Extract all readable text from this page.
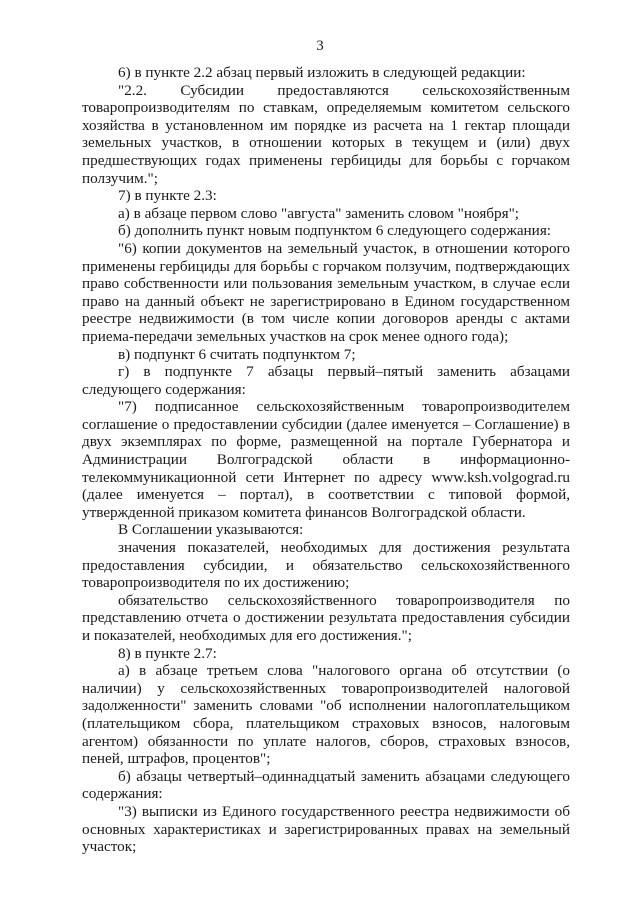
3

6) в пункте 2.2 абзац первый изложить в следующей редакции:

"2.2. Субсидии предоставляются сельскохозяйственным товаропроизводителям по ставкам, определяемым комитетом сельского хозяйства в установленном им порядке из расчета на 1 гектар площади земельных участков, в отношении которых в текущем и (или) двух предшествующих годах применены гербициды для борьбы с горчаком ползучим.";

7) в пункте 2.3:

а) в абзаце первом слово "августа" заменить словом "ноября";

б) дополнить пункт новым подпунктом 6 следующего содержания:

"6) копии документов на земельный участок, в отношении которого применены гербициды для борьбы с горчаком ползучим, подтверждающих право собственности или пользования земельным участком, в случае если право на данный объект не зарегистрировано в Едином государственном реестре недвижимости (в том числе копии договоров аренды с актами приема-передачи земельных участков на срок менее одного года);

в) подпункт 6 считать подпунктом 7;

г) в подпункте 7 абзацы первый–пятый заменить абзацами следующего содержания:

"7) подписанное сельскохозяйственным товаропроизводителем соглашение о предоставлении субсидии (далее именуется – Соглашение) в двух экземплярах по форме, размещенной на портале Губернатора и Администрации Волгоградской области в информационно-телекоммуникационной сети Интернет по адресу www.ksh.volgograd.ru (далее именуется – портал), в соответствии с типовой формой, утвержденной приказом комитета финансов Волгоградской области.

В Соглашении указываются:

значения показателей, необходимых для достижения результата предоставления субсидии, и обязательство сельскохозяйственного товаропроизводителя по их достижению;

обязательство сельскохозяйственного товаропроизводителя по представлению отчета о достижении результата предоставления субсидии и показателей, необходимых для его достижения.";

8) в пункте 2.7:

а) в абзаце третьем слова "налогового органа об отсутствии (о наличии) у сельскохозяйственных товаропроизводителей налоговой задолженности" заменить словами "об исполнении налогоплательщиком (плательщиком сбора, плательщиком страховых взносов, налоговым агентом) обязанности по уплате налогов, сборов, страховых взносов, пеней, штрафов, процентов";

б) абзацы четвертый–одиннадцатый заменить абзацами следующего содержания:

"3) выписки из Единого государственного реестра недвижимости об основных характеристиках и зарегистрированных правах на земельный участок;
